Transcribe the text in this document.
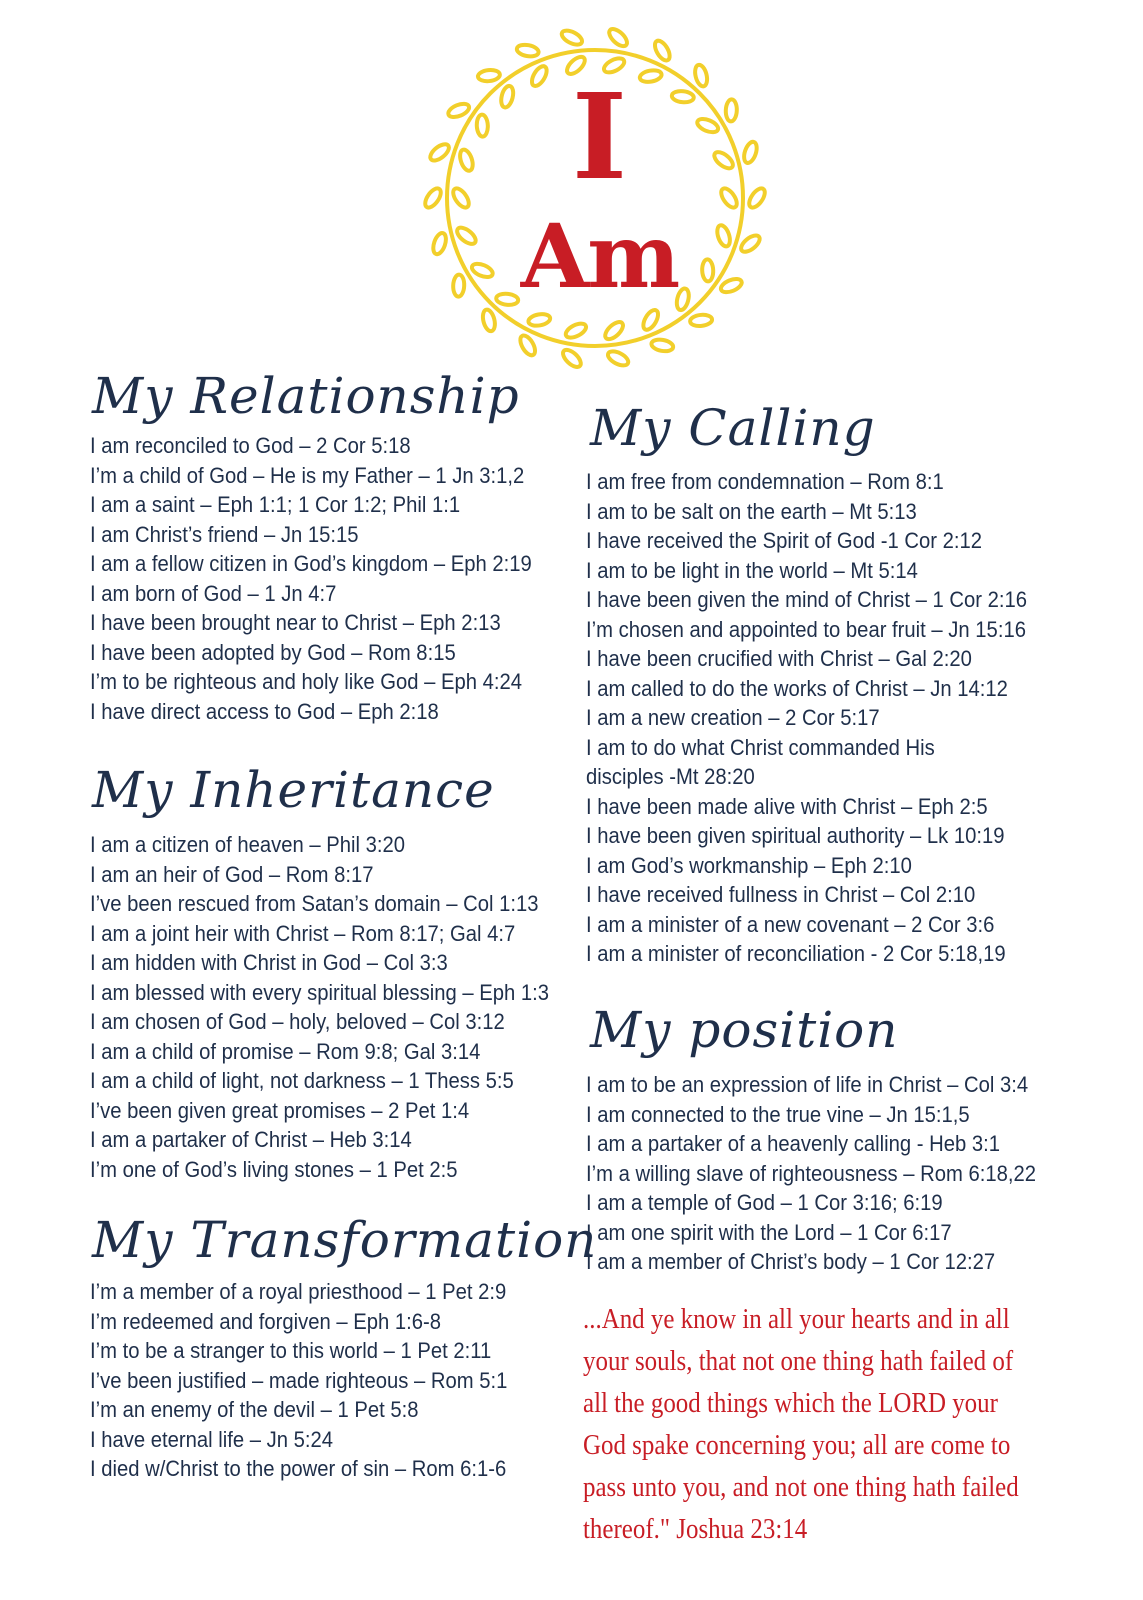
I
Am
My Relationship
I am reconciled to God – 2 Cor 5:18
I’m a child of God – He is my Father – 1 Jn 3:1,2
I am a saint – Eph 1:1; 1 Cor 1:2; Phil 1:1
I am Christ’s friend – Jn 15:15
I am a fellow citizen in God’s kingdom – Eph 2:19
I am born of God – 1 Jn 4:7
I have been brought near to Christ – Eph 2:13
I have been adopted by God – Rom 8:15
I’m to be righteous and holy like God – Eph 4:24
I have direct access to God – Eph 2:18
My Inheritance
I am a citizen of heaven – Phil 3:20
I am an heir of God – Rom 8:17
I’ve been rescued from Satan’s domain – Col 1:13
I am a joint heir with Christ – Rom 8:17; Gal 4:7
I am hidden with Christ in God – Col 3:3
I am blessed with every spiritual blessing – Eph 1:3
I am chosen of God – holy, beloved – Col 3:12
I am a child of promise – Rom 9:8; Gal 3:14
I am a child of light, not darkness – 1 Thess 5:5
I’ve been given great promises – 2 Pet 1:4
I am a partaker of Christ – Heb 3:14
I’m one of God’s living stones – 1 Pet 2:5
My Transformation
I’m a member of a royal priesthood – 1 Pet 2:9
I’m redeemed and forgiven – Eph 1:6-8
I’m to be a stranger to this world – 1 Pet 2:11
I’ve been justified – made righteous – Rom 5:1
I’m an enemy of the devil – 1 Pet 5:8
I have eternal life – Jn 5:24
I died w/Christ to the power of sin – Rom 6:1-6
My Calling
I am free from condemnation – Rom 8:1
I am to be salt on the earth – Mt 5:13
I have received the Spirit of God -1 Cor 2:12
I am to be light in the world – Mt 5:14
I have been given the mind of Christ – 1 Cor 2:16
I’m chosen and appointed to bear fruit – Jn 15:16
I have been crucified with Christ – Gal 2:20
I am called to do the works of Christ – Jn 14:12
I am a new creation – 2 Cor 5:17
I am to do what Christ commanded His disciples -Mt 28:20
I have been made alive with Christ – Eph 2:5
I have been given spiritual authority – Lk 10:19
I am God’s workmanship – Eph 2:10
I have received fullness in Christ – Col 2:10
I am a minister of a new covenant – 2 Cor 3:6
I am a minister of reconciliation - 2 Cor 5:18,19
My position
I am to be an expression of life in Christ – Col 3:4
I am connected to the true vine – Jn 15:1,5
I am a partaker of a heavenly calling - Heb 3:1
I’m a willing slave of righteousness – Rom 6:18,22
I am a temple of God – 1 Cor 3:16; 6:19
I am one spirit with the Lord – 1 Cor 6:17
I am a member of Christ’s body – 1 Cor 12:27
...And ye know in all your hearts and in all your souls, that not one thing hath failed of all the good things which the LORD your God spake concerning you; all are come to pass unto you, and not one thing hath failed thereof." Joshua 23:14
